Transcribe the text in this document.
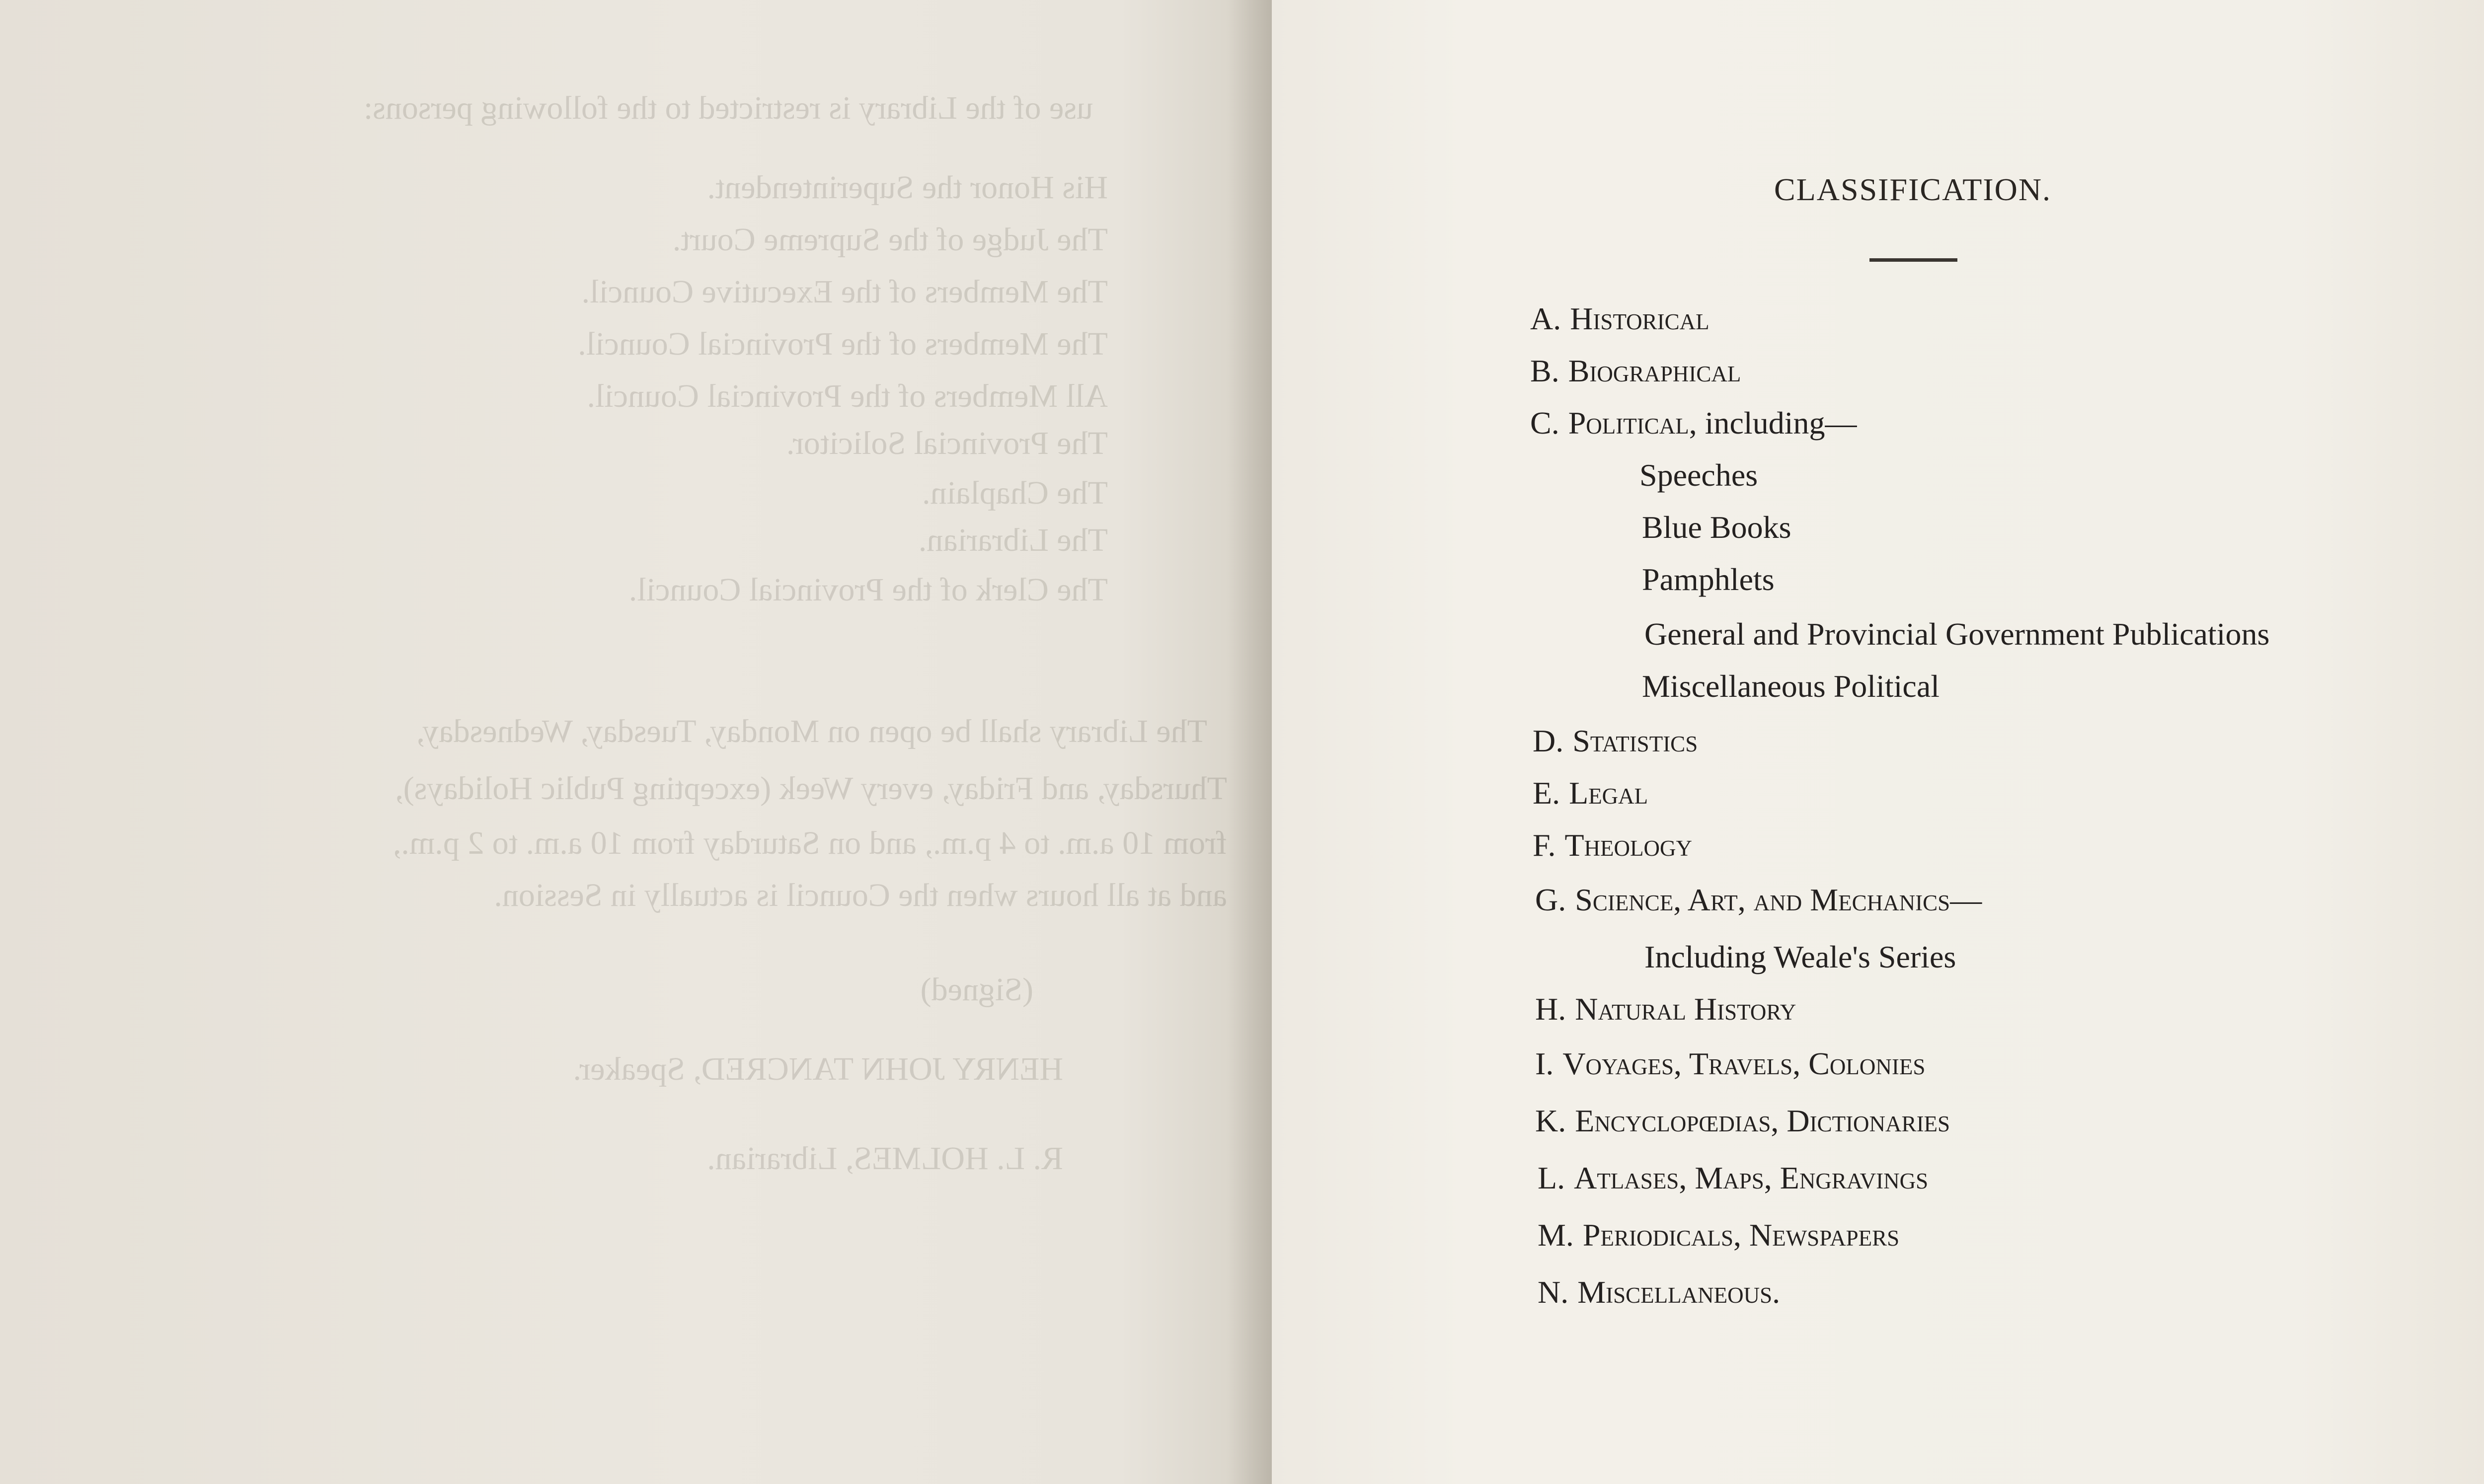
use of the Library is restricted to the following persons:
His Honor the Superintendent.
The Judge of the Supreme Court.
The Members of the Executive Council.
The Members of the Provincial Council.
All Members of the Provincial Council.
The Provincial Solicitor.
The Chaplain.
The Librarian.
The Clerk of the Provincial Council.
The Library shall be open on Monday, Tuesday, Wednesday,
Thursday, and Friday, every Week (excepting Public Holidays),
from 10 a.m. to 4 p.m., and on Saturday from 10 a.m. to 2 p.m.,
and at all hours when the Council is actually in Session.
(Signed)
HENRY JOHN TANCRED, Speaker.
R. L. HOLMES, Librarian.
CLASSIFICATION.
A. Historical
B. Biographical
C. Political, including—
Speeches
Blue Books
Pamphlets
General and Provincial Government Publications
Miscellaneous Political
D. Statistics
E. Legal
F. Theology
G. Science, Art, and Mechanics—
Including Weale's Series
H. Natural History
I. Voyages, Travels, Colonies
K. Encyclopœdias, Dictionaries
L. Atlases, Maps, Engravings
M. Periodicals, Newspapers
N. Miscellaneous.
